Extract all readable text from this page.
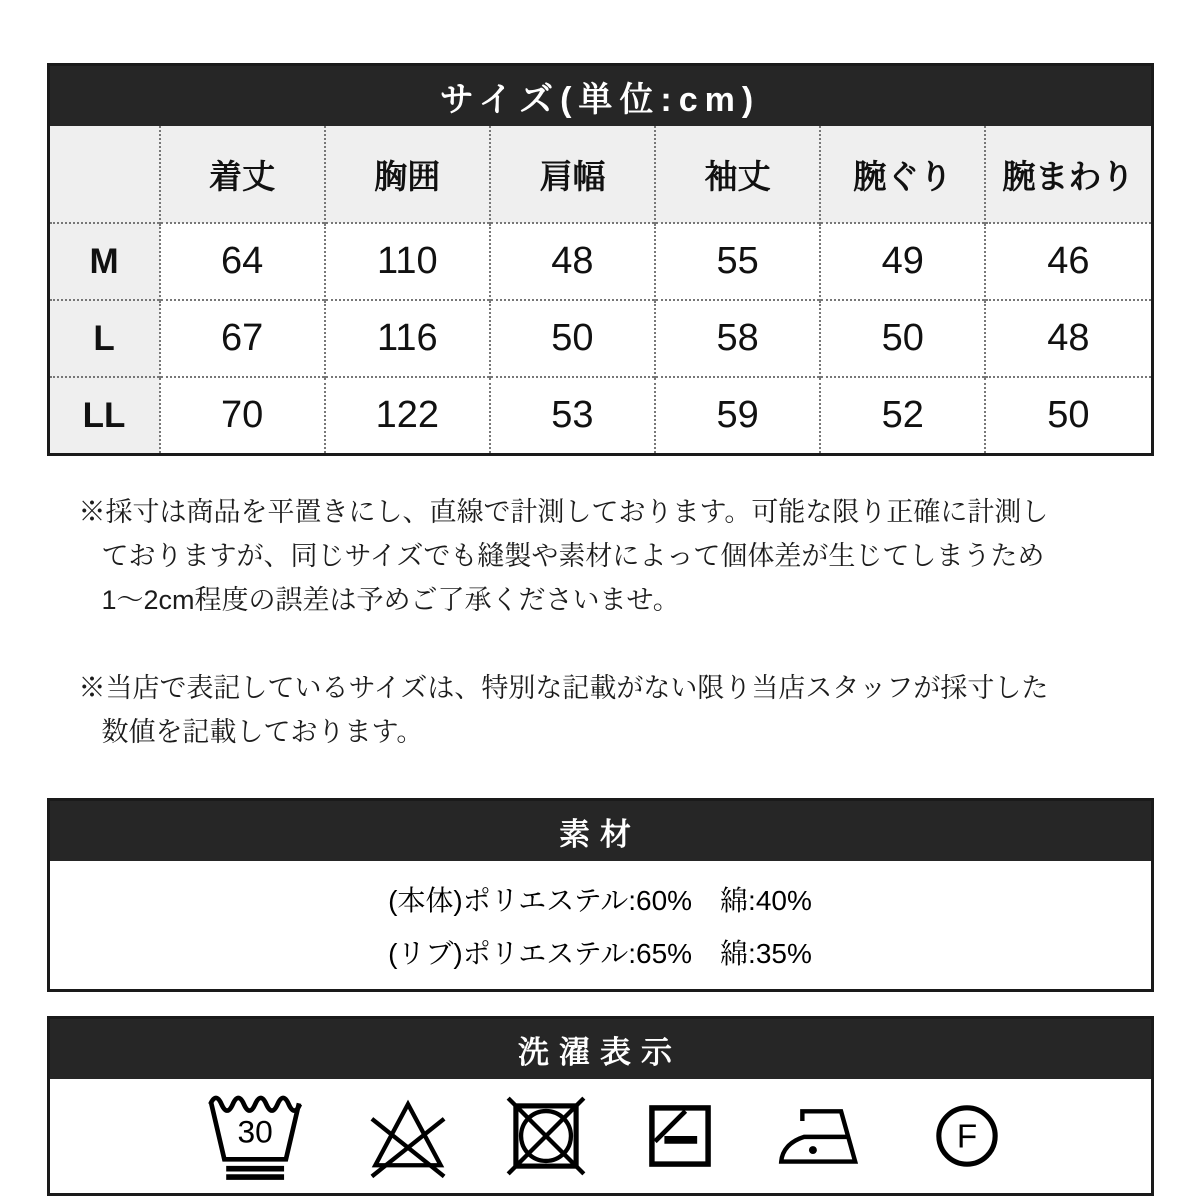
サイズ(単位:cm)
	着丈	胸囲	肩幅	袖丈	腕ぐり	腕まわり
M	64	110	48	55	49	46
L	67	116	50	58	50	48
LL	70	122	53	59	52	50
※採寸は商品を平置きにし、直線で計測しております。可能な限り正確に計測し
ておりますが、同じサイズでも縫製や素材によって個体差が生じてしまうため
1〜2cm程度の誤差は予めご了承くださいませ。
※当店で表記しているサイズは、特別な記載がない限り当店スタッフが採寸した
数値を記載しております。
素材
(本体)ポリエステル:60%　綿:40%
(リブ)ポリエステル:65%　綿:35%
洗濯表示
30	F
